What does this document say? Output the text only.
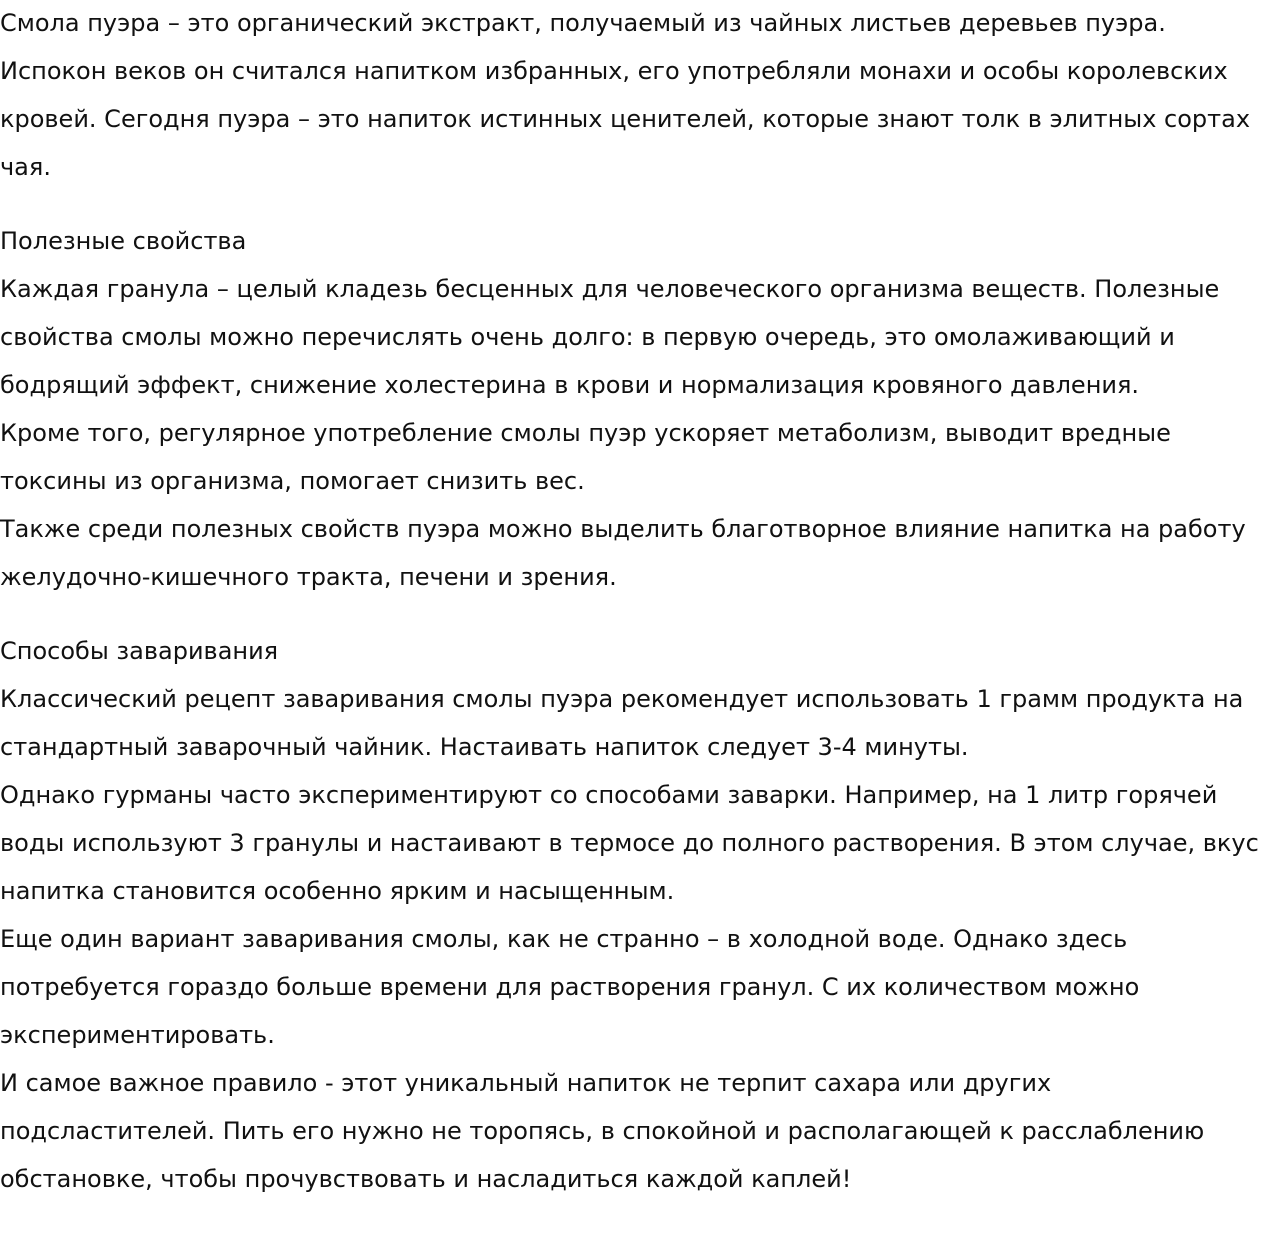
Смола пуэра – это органический экстракт, получаемый из чайных листьев деревьев пуэра. Испокон веков он считался напитком избранных, его употребляли монахи и особы королевских кровей. Сегодня пуэра – это напиток истинных ценителей, которые знают толк в элитных сортах чая.

Полезные свойства

Каждая гранула – целый кладезь бесценных для человеческого организма веществ. Полезные свойства смолы можно перечислять очень долго: в первую очередь, это омолаживающий и бодрящий эффект, снижение холестерина в крови и нормализация кровяного давления.

Кроме того, регулярное употребление смолы пуэр ускоряет метаболизм, выводит вредные токсины из организма, помогает снизить вес.

Также среди полезных свойств пуэра можно выделить благотворное влияние напитка на работу желудочно-кишечного тракта, печени и зрения.

Способы заваривания

Классический рецепт заваривания смолы пуэра рекомендует использовать 1 грамм продукта на стандартный заварочный чайник. Настаивать напиток следует 3-4 минуты.

Однако гурманы часто экспериментируют со способами заварки. Например, на 1 литр горячей воды используют 3 гранулы и настаивают в термосе до полного растворения. В этом случае, вкус напитка становится особенно ярким и насыщенным.

Еще один вариант заваривания смолы, как не странно – в холодной воде. Однако здесь потребуется гораздо больше времени для растворения гранул. С их количеством можно экспериментировать.

И самое важное правило - этот уникальный напиток не терпит сахара или других подсластителей. Пить его нужно не торопясь, в спокойной и располагающей к расслаблению обстановке, чтобы прочувствовать и насладиться каждой каплей!
